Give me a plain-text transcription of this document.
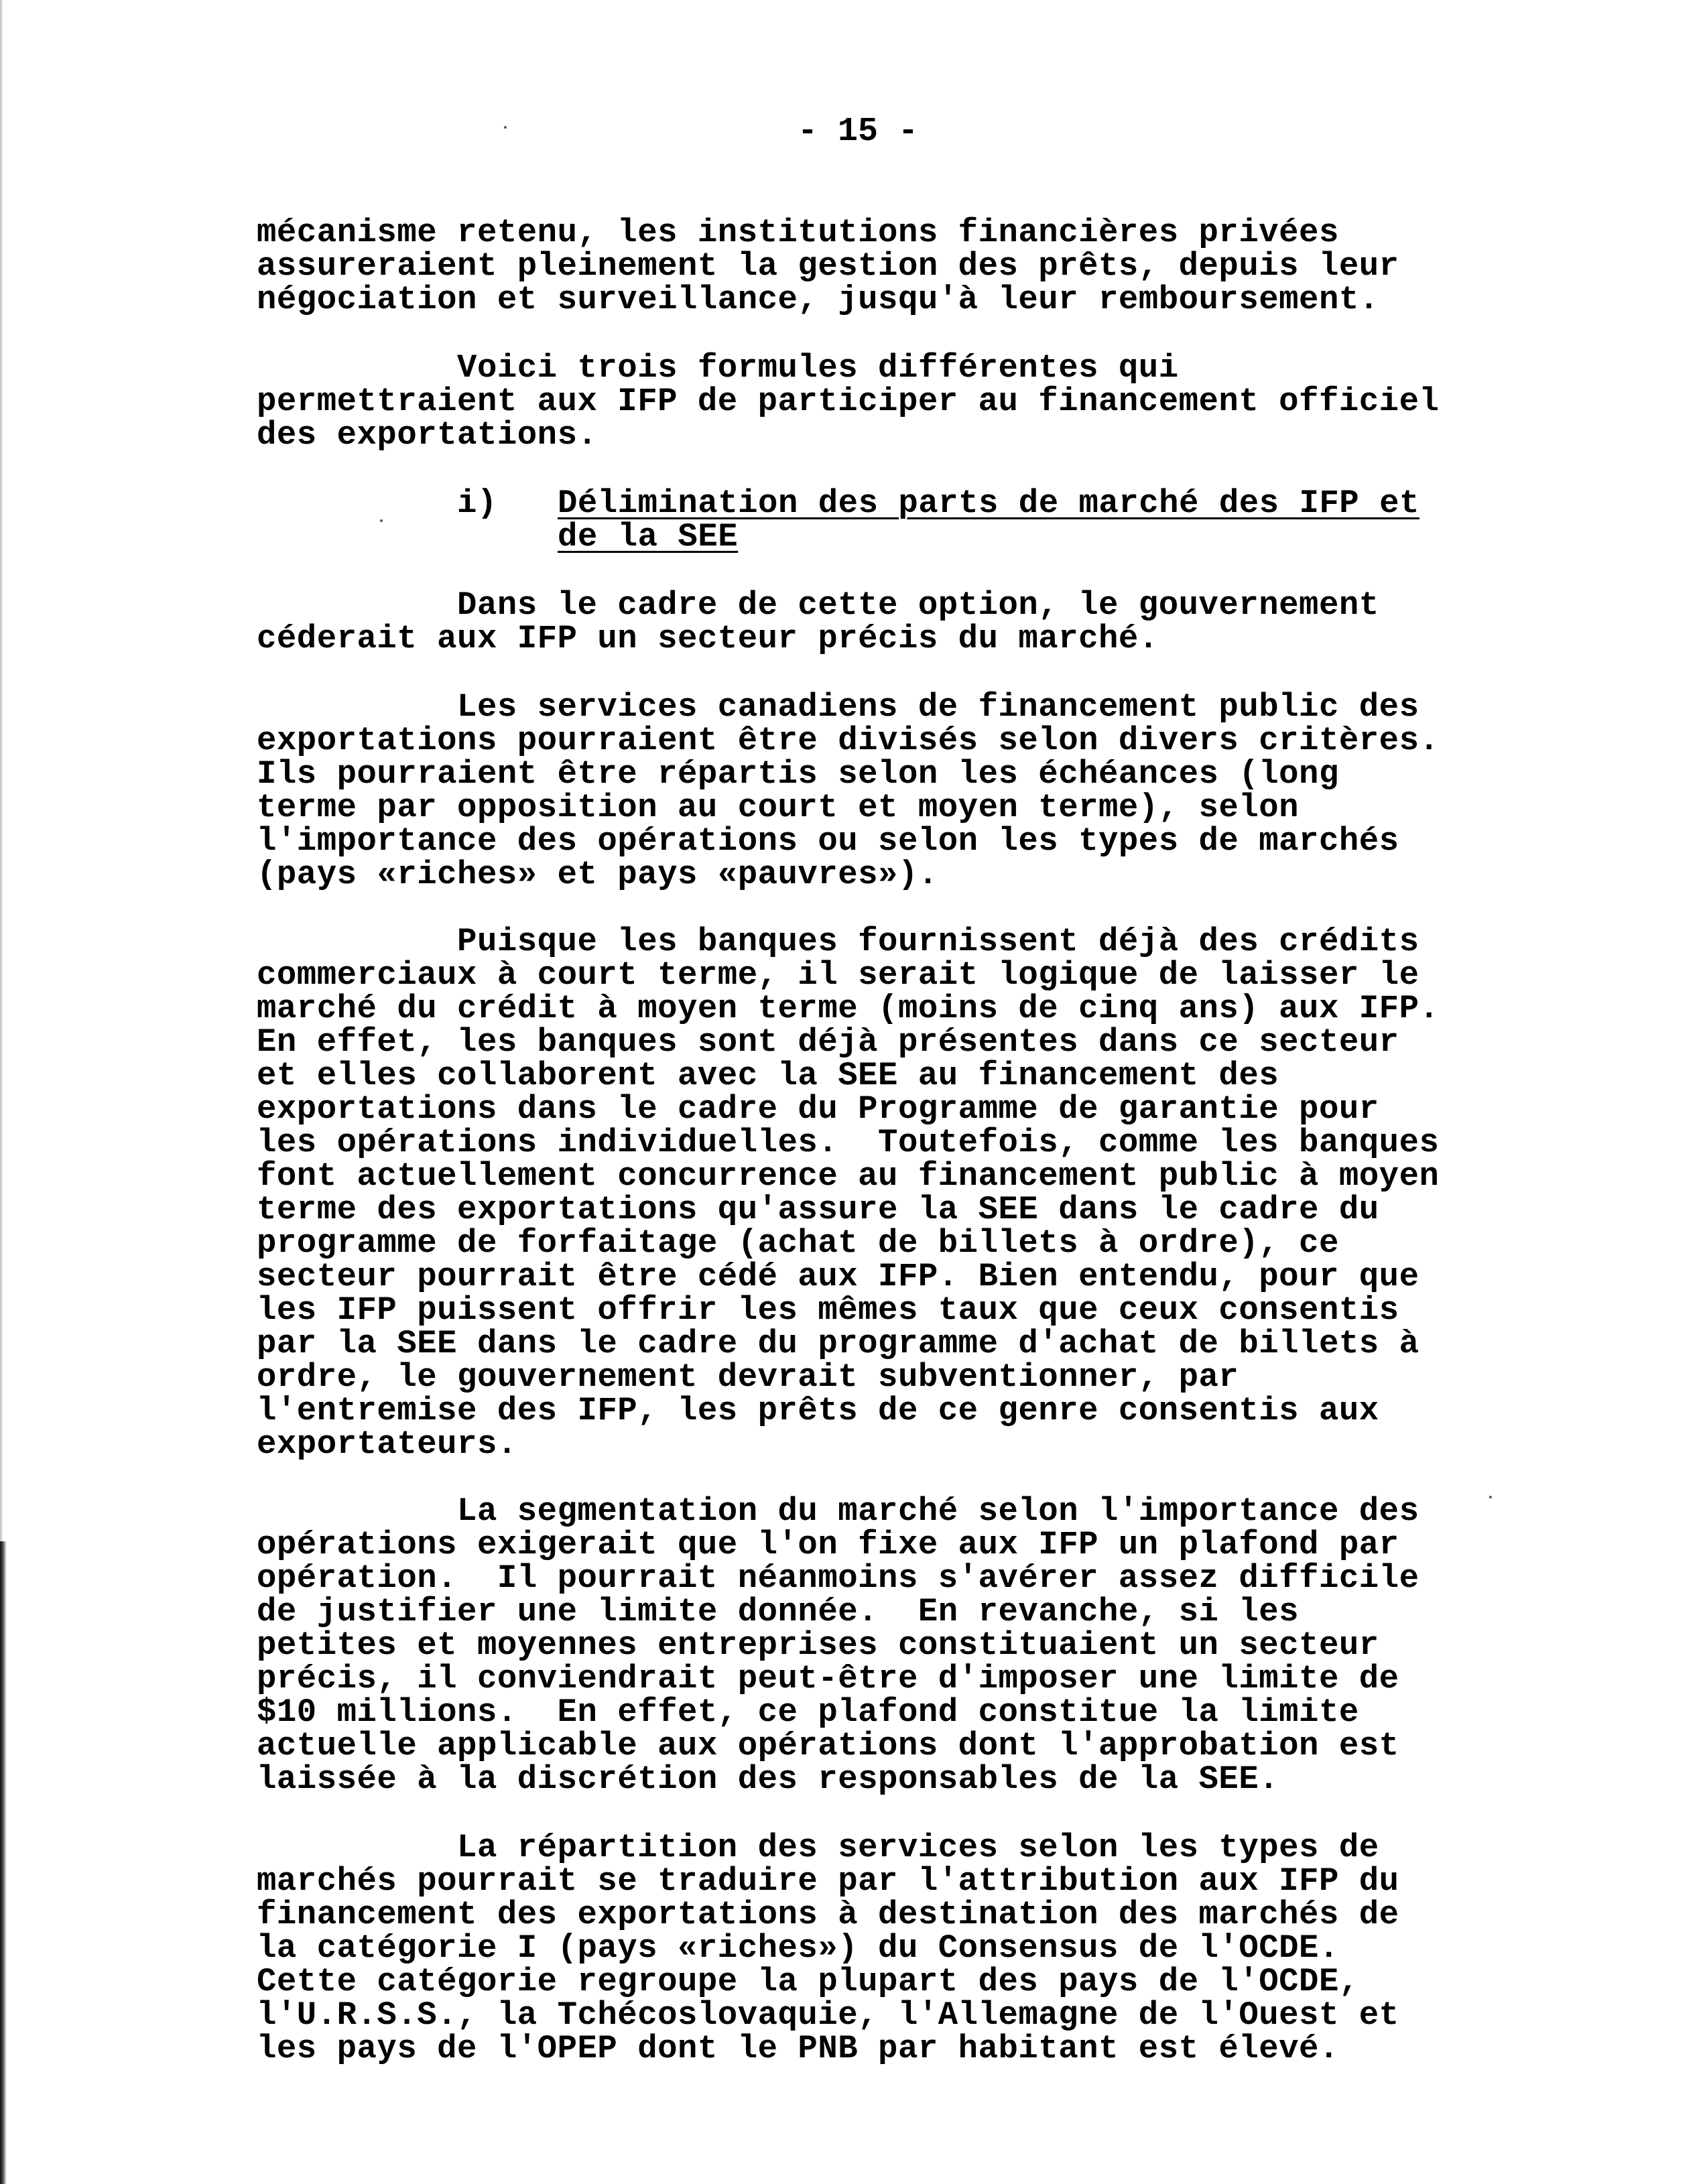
- 15 -
mécanisme retenu, les institutions financières privées
assureraient pleinement la gestion des prêts, depuis leur
négociation et surveillance, jusqu'à leur remboursement.
Voici trois formules différentes qui
permettraient aux IFP de participer au financement officiel
des exportations.
i) Délimination des parts de marché des IFP et
de la SEE
Dans le cadre de cette option, le gouvernement
céderait aux IFP un secteur précis du marché.
Les services canadiens de financement public des
exportations pourraient être divisés selon divers critères.
Ils pourraient être répartis selon les échéances (long
terme par opposition au court et moyen terme), selon
l'importance des opérations ou selon les types de marchés
(pays «riches» et pays «pauvres»).
Puisque les banques fournissent déjà des crédits
commerciaux à court terme, il serait logique de laisser le
marché du crédit à moyen terme (moins de cinq ans) aux IFP.
En effet, les banques sont déjà présentes dans ce secteur
et elles collaborent avec la SEE au financement des
exportations dans le cadre du Programme de garantie pour
les opérations individuelles.  Toutefois, comme les banques
font actuellement concurrence au financement public à moyen
terme des exportations qu'assure la SEE dans le cadre du
programme de forfaitage (achat de billets à ordre), ce
secteur pourrait être cédé aux IFP. Bien entendu, pour que
les IFP puissent offrir les mêmes taux que ceux consentis
par la SEE dans le cadre du programme d'achat de billets à
ordre, le gouvernement devrait subventionner, par
l'entremise des IFP, les prêts de ce genre consentis aux
exportateurs.
La segmentation du marché selon l'importance des
opérations exigerait que l'on fixe aux IFP un plafond par
opération.  Il pourrait néanmoins s'avérer assez difficile
de justifier une limite donnée.  En revanche, si les
petites et moyennes entreprises constituaient un secteur
précis, il conviendrait peut-être d'imposer une limite de
$10 millions.  En effet, ce plafond constitue la limite
actuelle applicable aux opérations dont l'approbation est
laissée à la discrétion des responsables de la SEE.
La répartition des services selon les types de
marchés pourrait se traduire par l'attribution aux IFP du
financement des exportations à destination des marchés de
la catégorie I (pays «riches») du Consensus de l'OCDE.
Cette catégorie regroupe la plupart des pays de l'OCDE,
l'U.R.S.S., la Tchécoslovaquie, l'Allemagne de l'Ouest et
les pays de l'OPEP dont le PNB par habitant est élevé.
